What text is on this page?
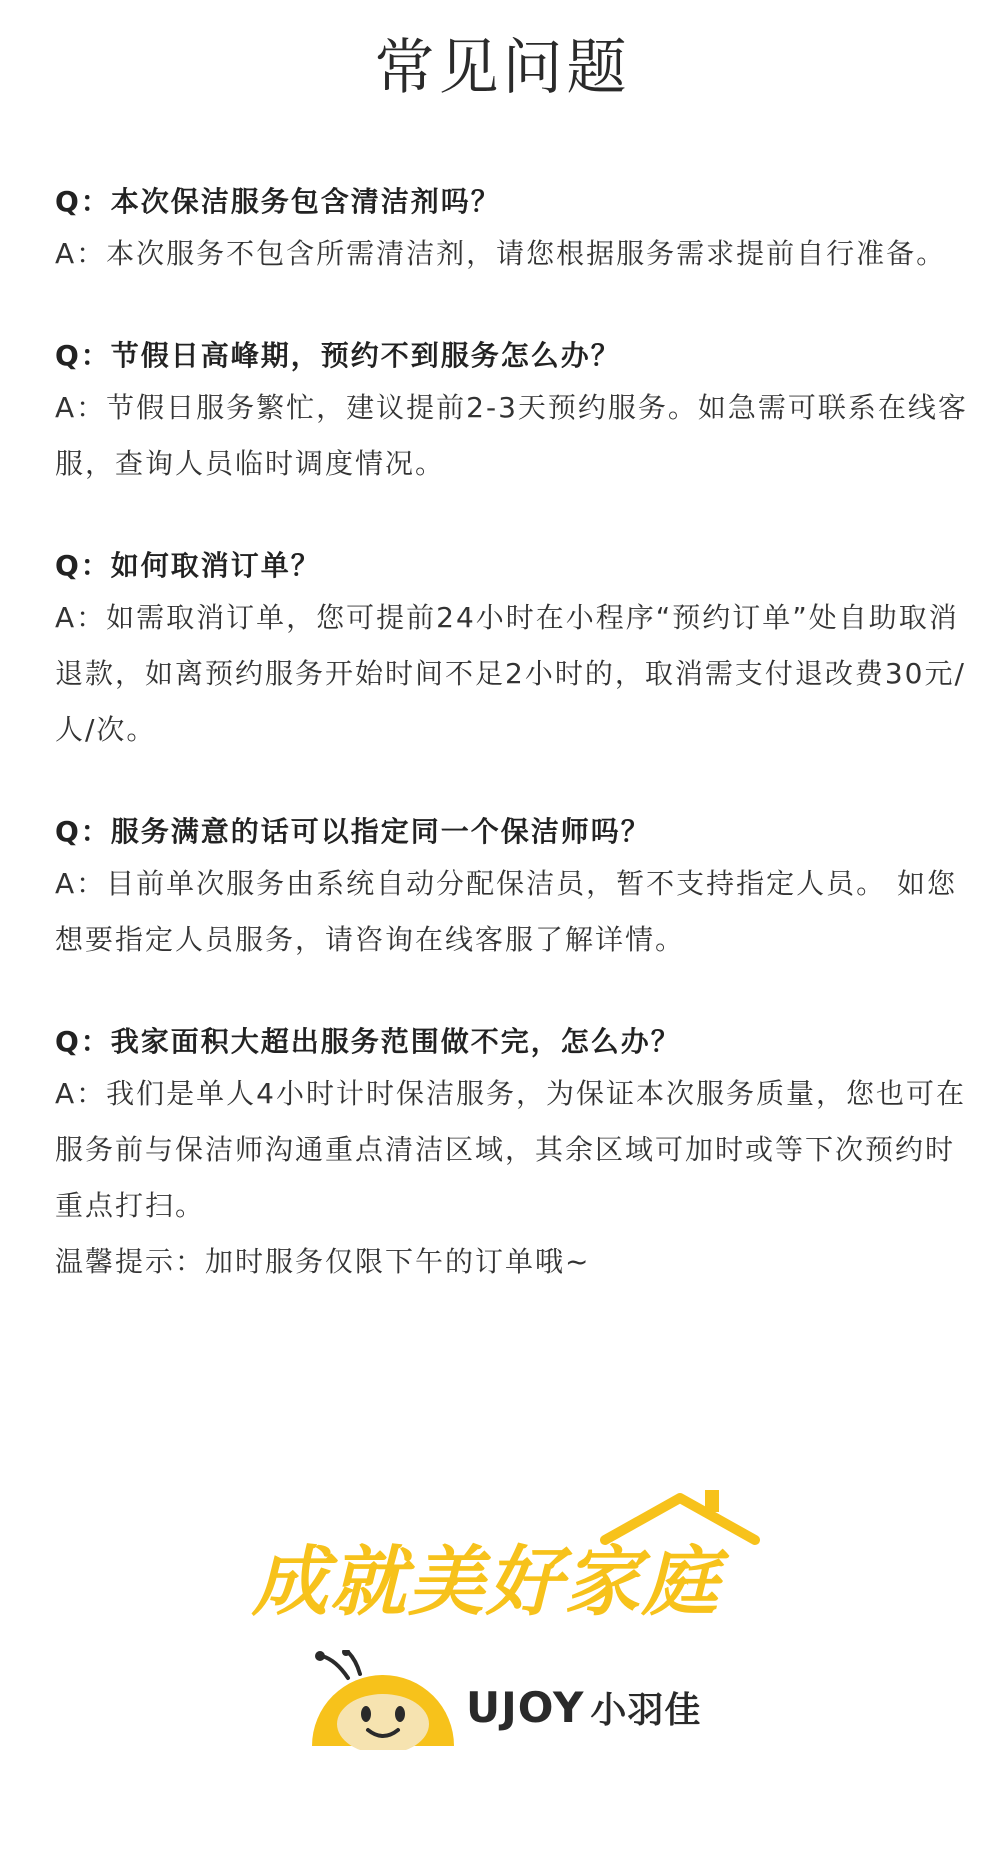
常见问题
Q：本次保洁服务包含清洁剂吗？
A：本次服务不包含所需清洁剂，请您根据服务需求提前自行准备。
Q：节假日高峰期，预约不到服务怎么办？
A：节假日服务繁忙，建议提前2-3天预约服务。如急需可联系在线客服，查询人员临时调度情况。
Q：如何取消订单？
A：如需取消订单，您可提前24小时在小程序“预约订单”处自助取消退款，如离预约服务开始时间不足2小时的，取消需支付退改费30元/人/次。
Q：服务满意的话可以指定同一个保洁师吗？
A：目前单次服务由系统自动分配保洁员，暂不支持指定人员。 如您想要指定人员服务，请咨询在线客服了解详情。
Q：我家面积大超出服务范围做不完，怎么办？
A：我们是单人4小时计时保洁服务，为保证本次服务质量，您也可在服务前与保洁师沟通重点清洁区域，其余区域可加时或等下次预约时重点打扫。
温馨提示：加时服务仅限下午的订单哦~
成就美好家庭
UJOY 小羽佳
